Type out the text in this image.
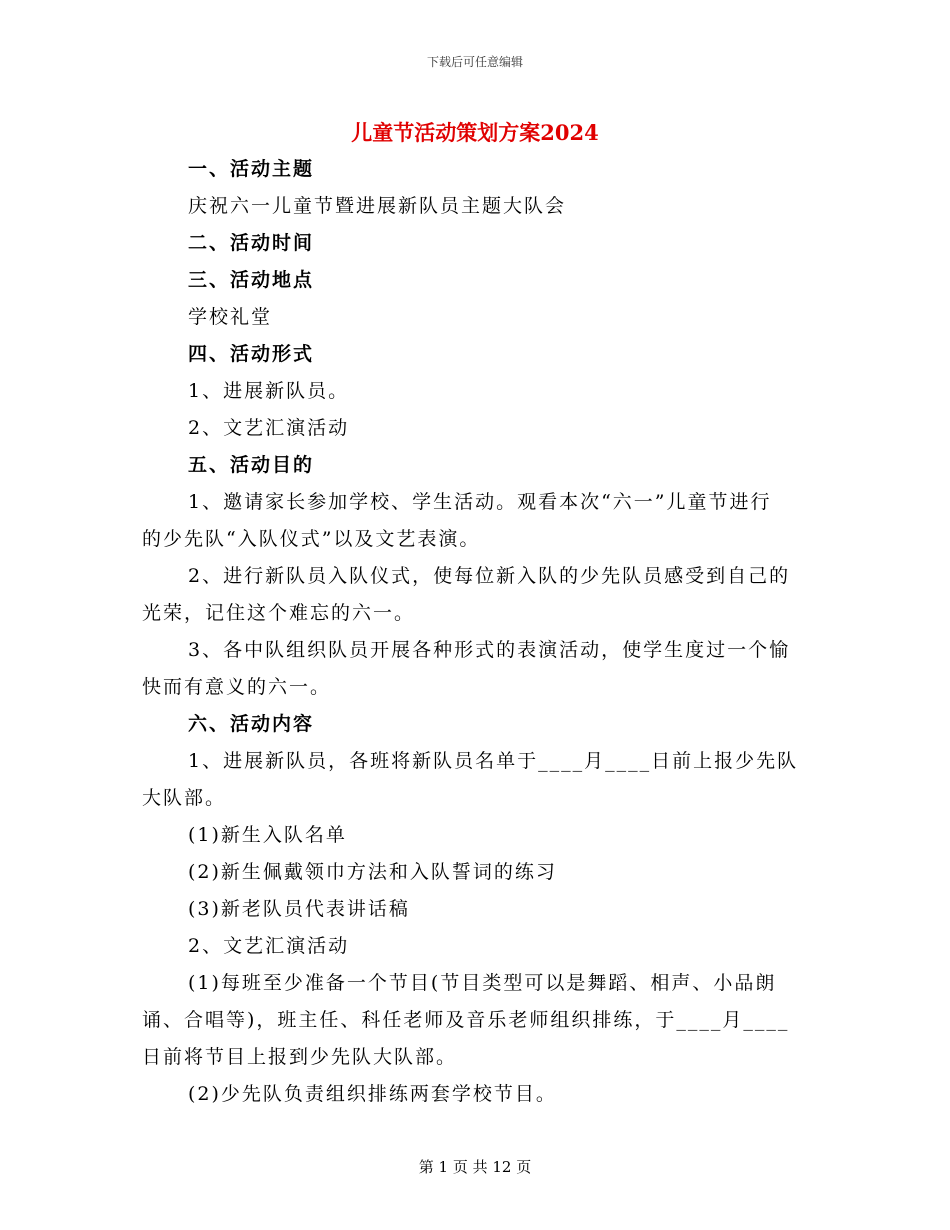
下载后可任意编辑
儿童节活动策划方案2024
一、活动主题
庆祝六一儿童节暨进展新队员主题大队会
二、活动时间
三、活动地点
学校礼堂
四、活动形式
1、进展新队员。
2、文艺汇演活动
五、活动目的
1、邀请家长参加学校、学生活动。观看本次“六一”儿童节进行
的少先队“入队仪式”以及文艺表演。
2、进行新队员入队仪式，使每位新入队的少先队员感受到自己的
光荣，记住这个难忘的六一。
3、各中队组织队员开展各种形式的表演活动，使学生度过一个愉
快而有意义的六一。
六、活动内容
1、进展新队员，各班将新队员名单于____月____日前上报少先队
大队部。
(1)新生入队名单
(2)新生佩戴领巾方法和入队誓词的练习
(3)新老队员代表讲话稿
2、文艺汇演活动
(1)每班至少准备一个节目(节目类型可以是舞蹈、相声、小品朗
诵、合唱等)，班主任、科任老师及音乐老师组织排练，于____月____
日前将节目上报到少先队大队部。
(2)少先队负责组织排练两套学校节目。
第 1 页 共 12 页
